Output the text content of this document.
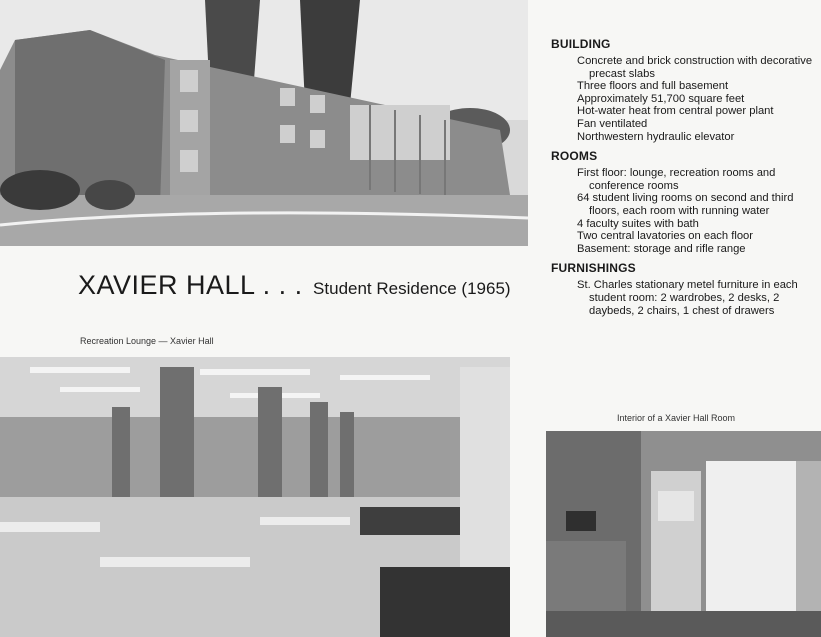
XAVIER HALL . . . Student Residence (1965)
Recreation Lounge — Xavier Hall
BUILDING
Concrete and brick construction with decorative precast slabs
Three floors and full basement
Approximately 51,700 square feet
Hot-water heat from central power plant
Fan ventilated
Northwestern hydraulic elevator
ROOMS
First floor: lounge, recreation rooms and conference rooms
64 student living rooms on second and third floors, each room with running water
4 faculty suites with bath
Two central lavatories on each floor
Basement: storage and rifle range
FURNISHINGS
St. Charles stationary metel furniture in each student room: 2 wardrobes, 2 desks, 2 daybeds, 2 chairs, 1 chest of drawers
Interior of a Xavier Hall Room
